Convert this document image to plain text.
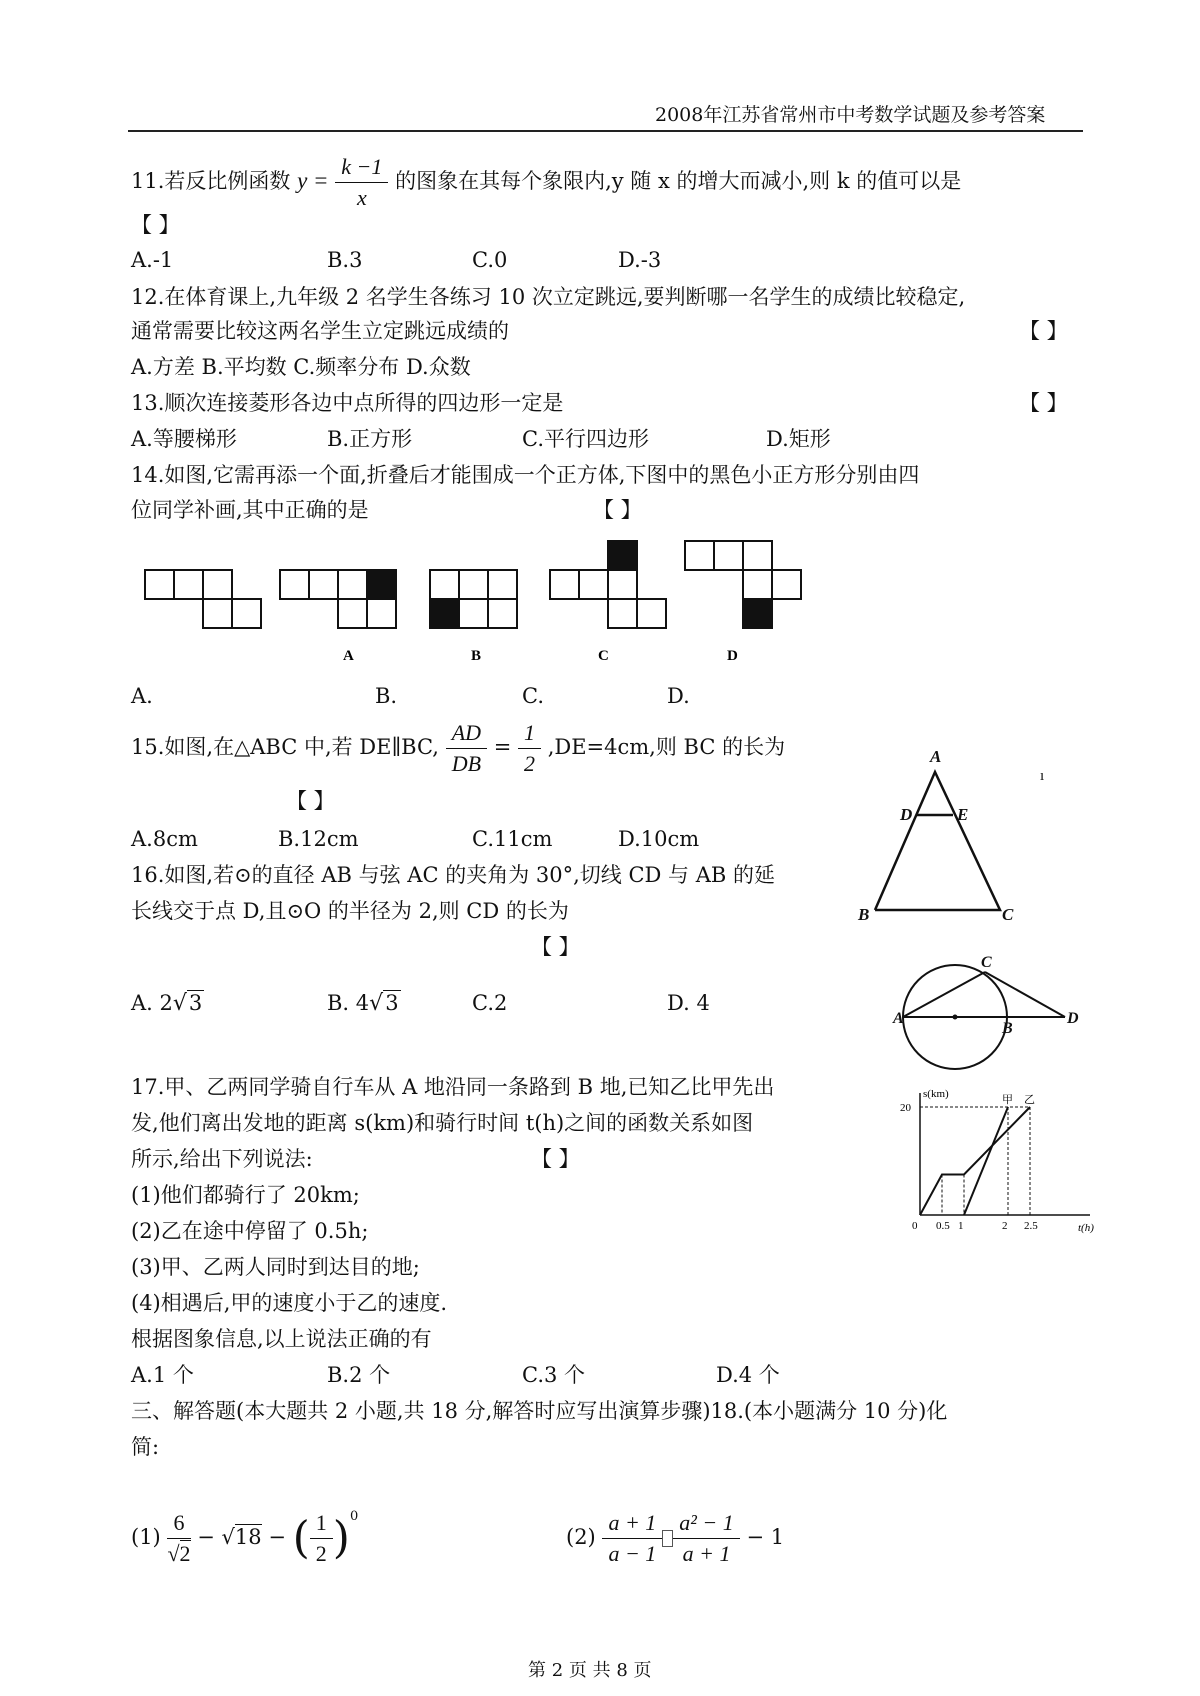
2008年江苏省常州市中考数学试题及参考答案
11.若反比例函数 $y = \frac{k -1}{x}$ 的图象在其每个象限内,y 随 x 的增大而减小,则 k 的值可以是
【 】
A.-1	B.3	C.0	D.-3
12.在体育课上,九年级 2 名学生各练习 10 次立定跳远,要判断哪一名学生的成绩比较稳定,
通常需要比较这两名学生立定跳远成绩的	【 】
A.方差 B.平均数 C.频率分布 D.众数
13.顺次连接菱形各边中点所得的四边形一定是	【 】
A.等腰梯形	B.正方形	C.平行四边形	D.矩形
14.如图,它需再添一个面,折叠后才能围成一个正方体,下图中的黑色小正方形分别由四
位同学补画,其中正确的是	【 】
A	B	C	D
A.	B.	C.	D.
15.如图,在△ABC 中,若 DE∥BC, $\frac{AD}{DB} = \frac{1}{2} ,DE=4cm$,则 BC 的长为
【 】
A.8cm	B.12cm	C.11cm	D.10cm
A
D	E
B	C
ı
16.如图,若⊙的直径 AB 与弦 AC 的夹角为 30°,切线 CD 与 AB 的延
长线交于点 D,且⊙O 的半径为 2,则 CD 的长为
【 】
A. 2√3	B. 4√3	C.2	D. 4
A
C
B
D
17.甲、乙两同学骑自行车从 A 地沿同一条路到 B 地,已知乙比甲先出
发,他们离出发地的距离 s(km)和骑行时间 t(h)之间的函数关系如图
所示,给出下列说法:	【 】
(1)他们都骑行了 20km;
(2)乙在途中停留了 0.5h;
(3)甲、乙两人同时到达目的地;
(4)相遇后,甲的速度小于乙的速度.
根据图象信息,以上说法正确的有
A.1 个	B.2 个	C.3 个	D.4 个
s(km)
t(h)
甲 乙
0 0.5 1	2 2.5
20
三、解答题(本大题共 2 小题,共 18 分,解答时应写出演算步骤)18.(本小题满分 10 分)化
简:
$(1) \frac{6}{√2} - √18$ − ( $\frac{1}{2} )^0$
$(2) \frac{a + 1}{a - 1} \frac{\text{a² − 1}}{a + 1} - 1$
第 2 页 共 8 页
